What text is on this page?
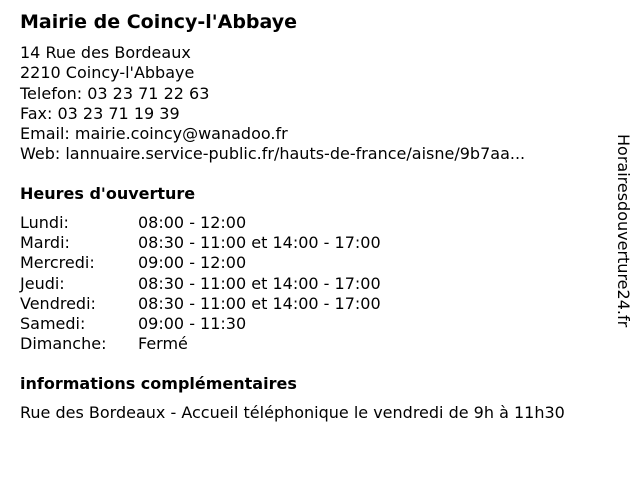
Mairie de Coincy-l'Abbaye
14 Rue des Bordeaux
2210 Coincy-l'Abbaye
Telefon: 03 23 71 22 63
Fax: 03 23 71 19 39
Email: mairie.coincy@wanadoo.fr
Web: lannuaire.service-public.fr/hauts-de-france/aisne/9b7aa...
Heures d'ouverture
Lundi:	08:00 - 12:00
Mardi:	08:30 - 11:00 et 14:00 - 17:00
Mercredi:	09:00 - 12:00
Jeudi:	08:30 - 11:00 et 14:00 - 17:00
Vendredi:	08:30 - 11:00 et 14:00 - 17:00
Samedi:	09:00 - 11:30
Dimanche:	Fermé
informations complémentaires
Rue des Bordeaux - Accueil téléphonique le vendredi de 9h à 11h30
Horairesdouverture24.fr
